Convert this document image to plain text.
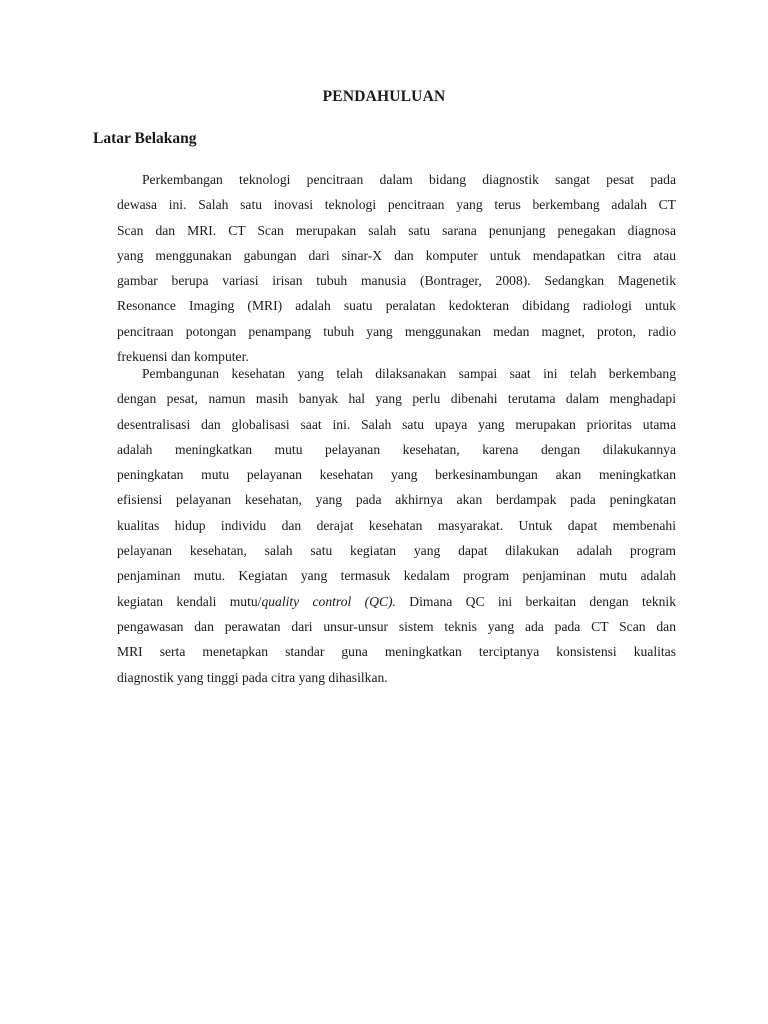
PENDAHULUAN
Latar Belakang
Perkembangan teknologi pencitraan dalam bidang diagnostik sangat pesat pada
dewasa ini. Salah satu inovasi teknologi pencitraan yang terus berkembang adalah CT
Scan dan MRI. CT Scan merupakan salah satu sarana penunjang penegakan diagnosa
yang menggunakan gabungan dari sinar-X dan komputer untuk mendapatkan citra atau
gambar berupa variasi irisan tubuh manusia (Bontrager, 2008). Sedangkan Magenetik
Resonance Imaging (MRI) adalah suatu peralatan kedokteran dibidang radiologi untuk
pencitraan potongan penampang tubuh yang menggunakan medan magnet, proton, radio
frekuensi dan komputer.
Pembangunan kesehatan yang telah dilaksanakan sampai saat ini telah berkembang
dengan pesat, namun masih banyak hal yang perlu dibenahi terutama dalam menghadapi
desentralisasi dan globalisasi saat ini. Salah satu upaya yang merupakan prioritas utama
adalah meningkatkan mutu pelayanan kesehatan, karena dengan dilakukannya
peningkatan mutu pelayanan kesehatan yang berkesinambungan akan meningkatkan
efisiensi pelayanan kesehatan, yang pada akhirnya akan berdampak pada peningkatan
kualitas hidup individu dan derajat kesehatan masyarakat. Untuk dapat membenahi
pelayanan kesehatan, salah satu kegiatan yang dapat dilakukan adalah program
penjaminan mutu. Kegiatan yang termasuk kedalam program penjaminan mutu adalah
kegiatan kendali mutu/quality control (QC). Dimana QC ini berkaitan dengan teknik
pengawasan dan perawatan dari unsur-unsur sistem teknis yang ada pada CT Scan dan
MRI serta menetapkan standar guna meningkatkan terciptanya konsistensi kualitas
diagnostik yang tinggi pada citra yang dihasilkan.
